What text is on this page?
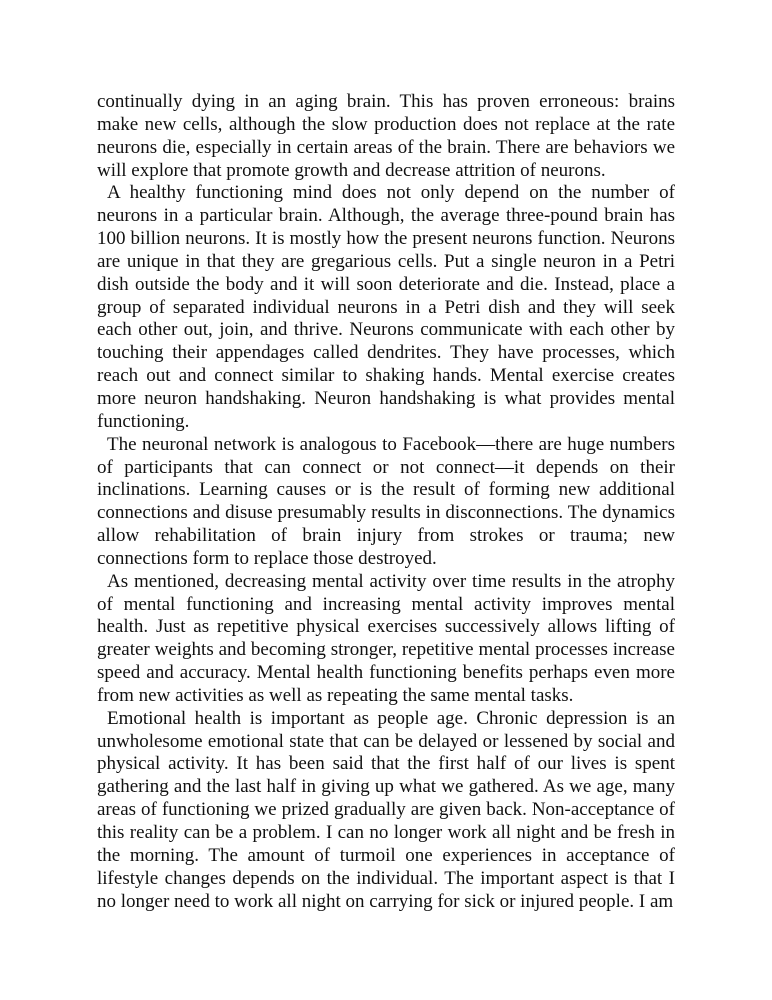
continually dying in an aging brain. This has proven erroneous: brains make new cells, although the slow production does not replace at the rate neurons die, especially in certain areas of the brain. There are behaviors we will explore that promote growth and decrease attrition of neurons.

A healthy functioning mind does not only depend on the number of neurons in a particular brain. Although, the average three-pound brain has 100 billion neurons. It is mostly how the present neurons function. Neurons are unique in that they are gregarious cells. Put a single neuron in a Petri dish outside the body and it will soon deteriorate and die. Instead, place a group of separated individual neurons in a Petri dish and they will seek each other out, join, and thrive. Neurons communicate with each other by touching their appendages called dendrites. They have processes, which reach out and connect similar to shaking hands. Mental exercise creates more neuron handshaking. Neuron handshaking is what provides mental functioning.

The neuronal network is analogous to Facebook—there are huge numbers of participants that can connect or not connect—it depends on their inclinations. Learning causes or is the result of forming new additional connections and disuse presumably results in disconnections. The dynamics allow rehabilitation of brain injury from strokes or trauma; new connections form to replace those destroyed.

As mentioned, decreasing mental activity over time results in the atrophy of mental functioning and increasing mental activity improves mental health. Just as repetitive physical exercises successively allows lifting of greater weights and becoming stronger, repetitive mental processes increase speed and accuracy. Mental health functioning benefits perhaps even more from new activities as well as repeating the same mental tasks.

Emotional health is important as people age. Chronic depression is an unwholesome emotional state that can be delayed or lessened by social and physical activity. It has been said that the first half of our lives is spent gathering and the last half in giving up what we gathered. As we age, many areas of functioning we prized gradually are given back. Non-acceptance of this reality can be a problem. I can no longer work all night and be fresh in the morning. The amount of turmoil one experiences in acceptance of lifestyle changes depends on the individual. The important aspect is that I no longer need to work all night on carrying for sick or injured people. I am
